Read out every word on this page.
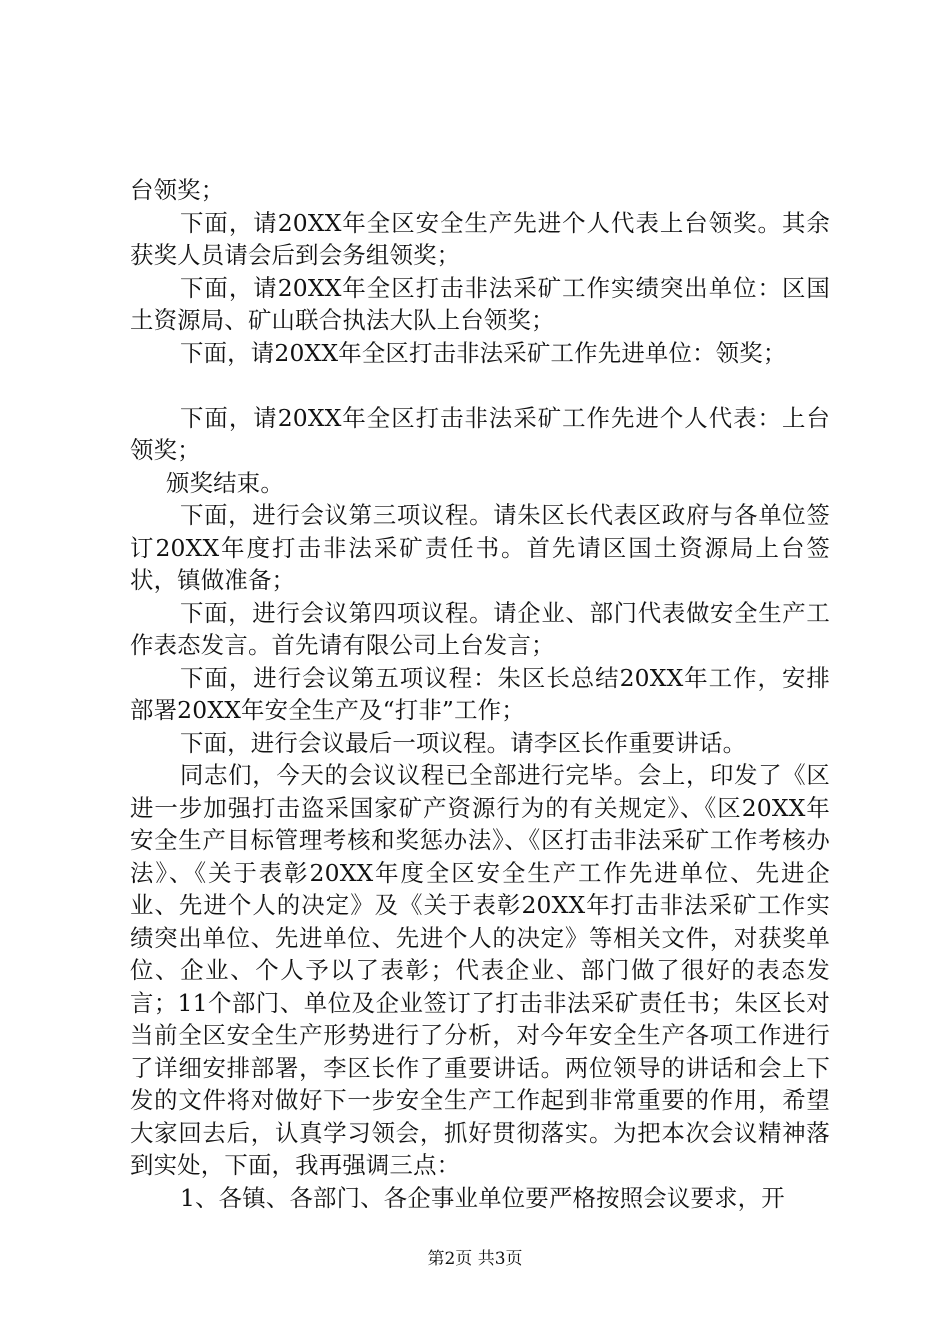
台领奖；

下面，请20XX年全区安全生产先进个人代表上台领奖。其余获奖人员请会后到会务组领奖；

下面，请20XX年全区打击非法采矿工作实绩突出单位：区国土资源局、矿山联合执法大队上台领奖；

下面，请20XX年全区打击非法采矿工作先进单位：领奖；

下面，请20XX年全区打击非法采矿工作先进个人代表：上台领奖；

颁奖结束。

下面，进行会议第三项议程。请朱区长代表区政府与各单位签订20XX年度打击非法采矿责任书。首先请区国土资源局上台签状，镇做准备；

下面，进行会议第四项议程。请企业、部门代表做安全生产工作表态发言。首先请有限公司上台发言；

下面，进行会议第五项议程：朱区长总结20XX年工作，安排部署20XX年安全生产及“打非”工作；

下面，进行会议最后一项议程。请李区长作重要讲话。

同志们，今天的会议议程已全部进行完毕。会上，印发了《区进一步加强打击盗采国家矿产资源行为的有关规定》、《区20XX年安全生产目标管理考核和奖惩办法》、《区打击非法采矿工作考核办法》、《关于表彰20XX年度全区安全生产工作先进单位、先进企业、先进个人的决定》及《关于表彰20XX年打击非法采矿工作实绩突出单位、先进单位、先进个人的决定》等相关文件，对获奖单位、企业、个人予以了表彰；代表企业、部门做了很好的表态发言；11个部门、单位及企业签订了打击非法采矿责任书；朱区长对当前全区安全生产形势进行了分析，对今年安全生产各项工作进行了详细安排部署，李区长作了重要讲话。两位领导的讲话和会上下发的文件将对做好下一步安全生产工作起到非常重要的作用，希望大家回去后，认真学习领会，抓好贯彻落实。为把本次会议精神落到实处，下面，我再强调三点：

1、各镇、各部门、各企事业单位要严格按照会议要求，开

第2页 共3页
